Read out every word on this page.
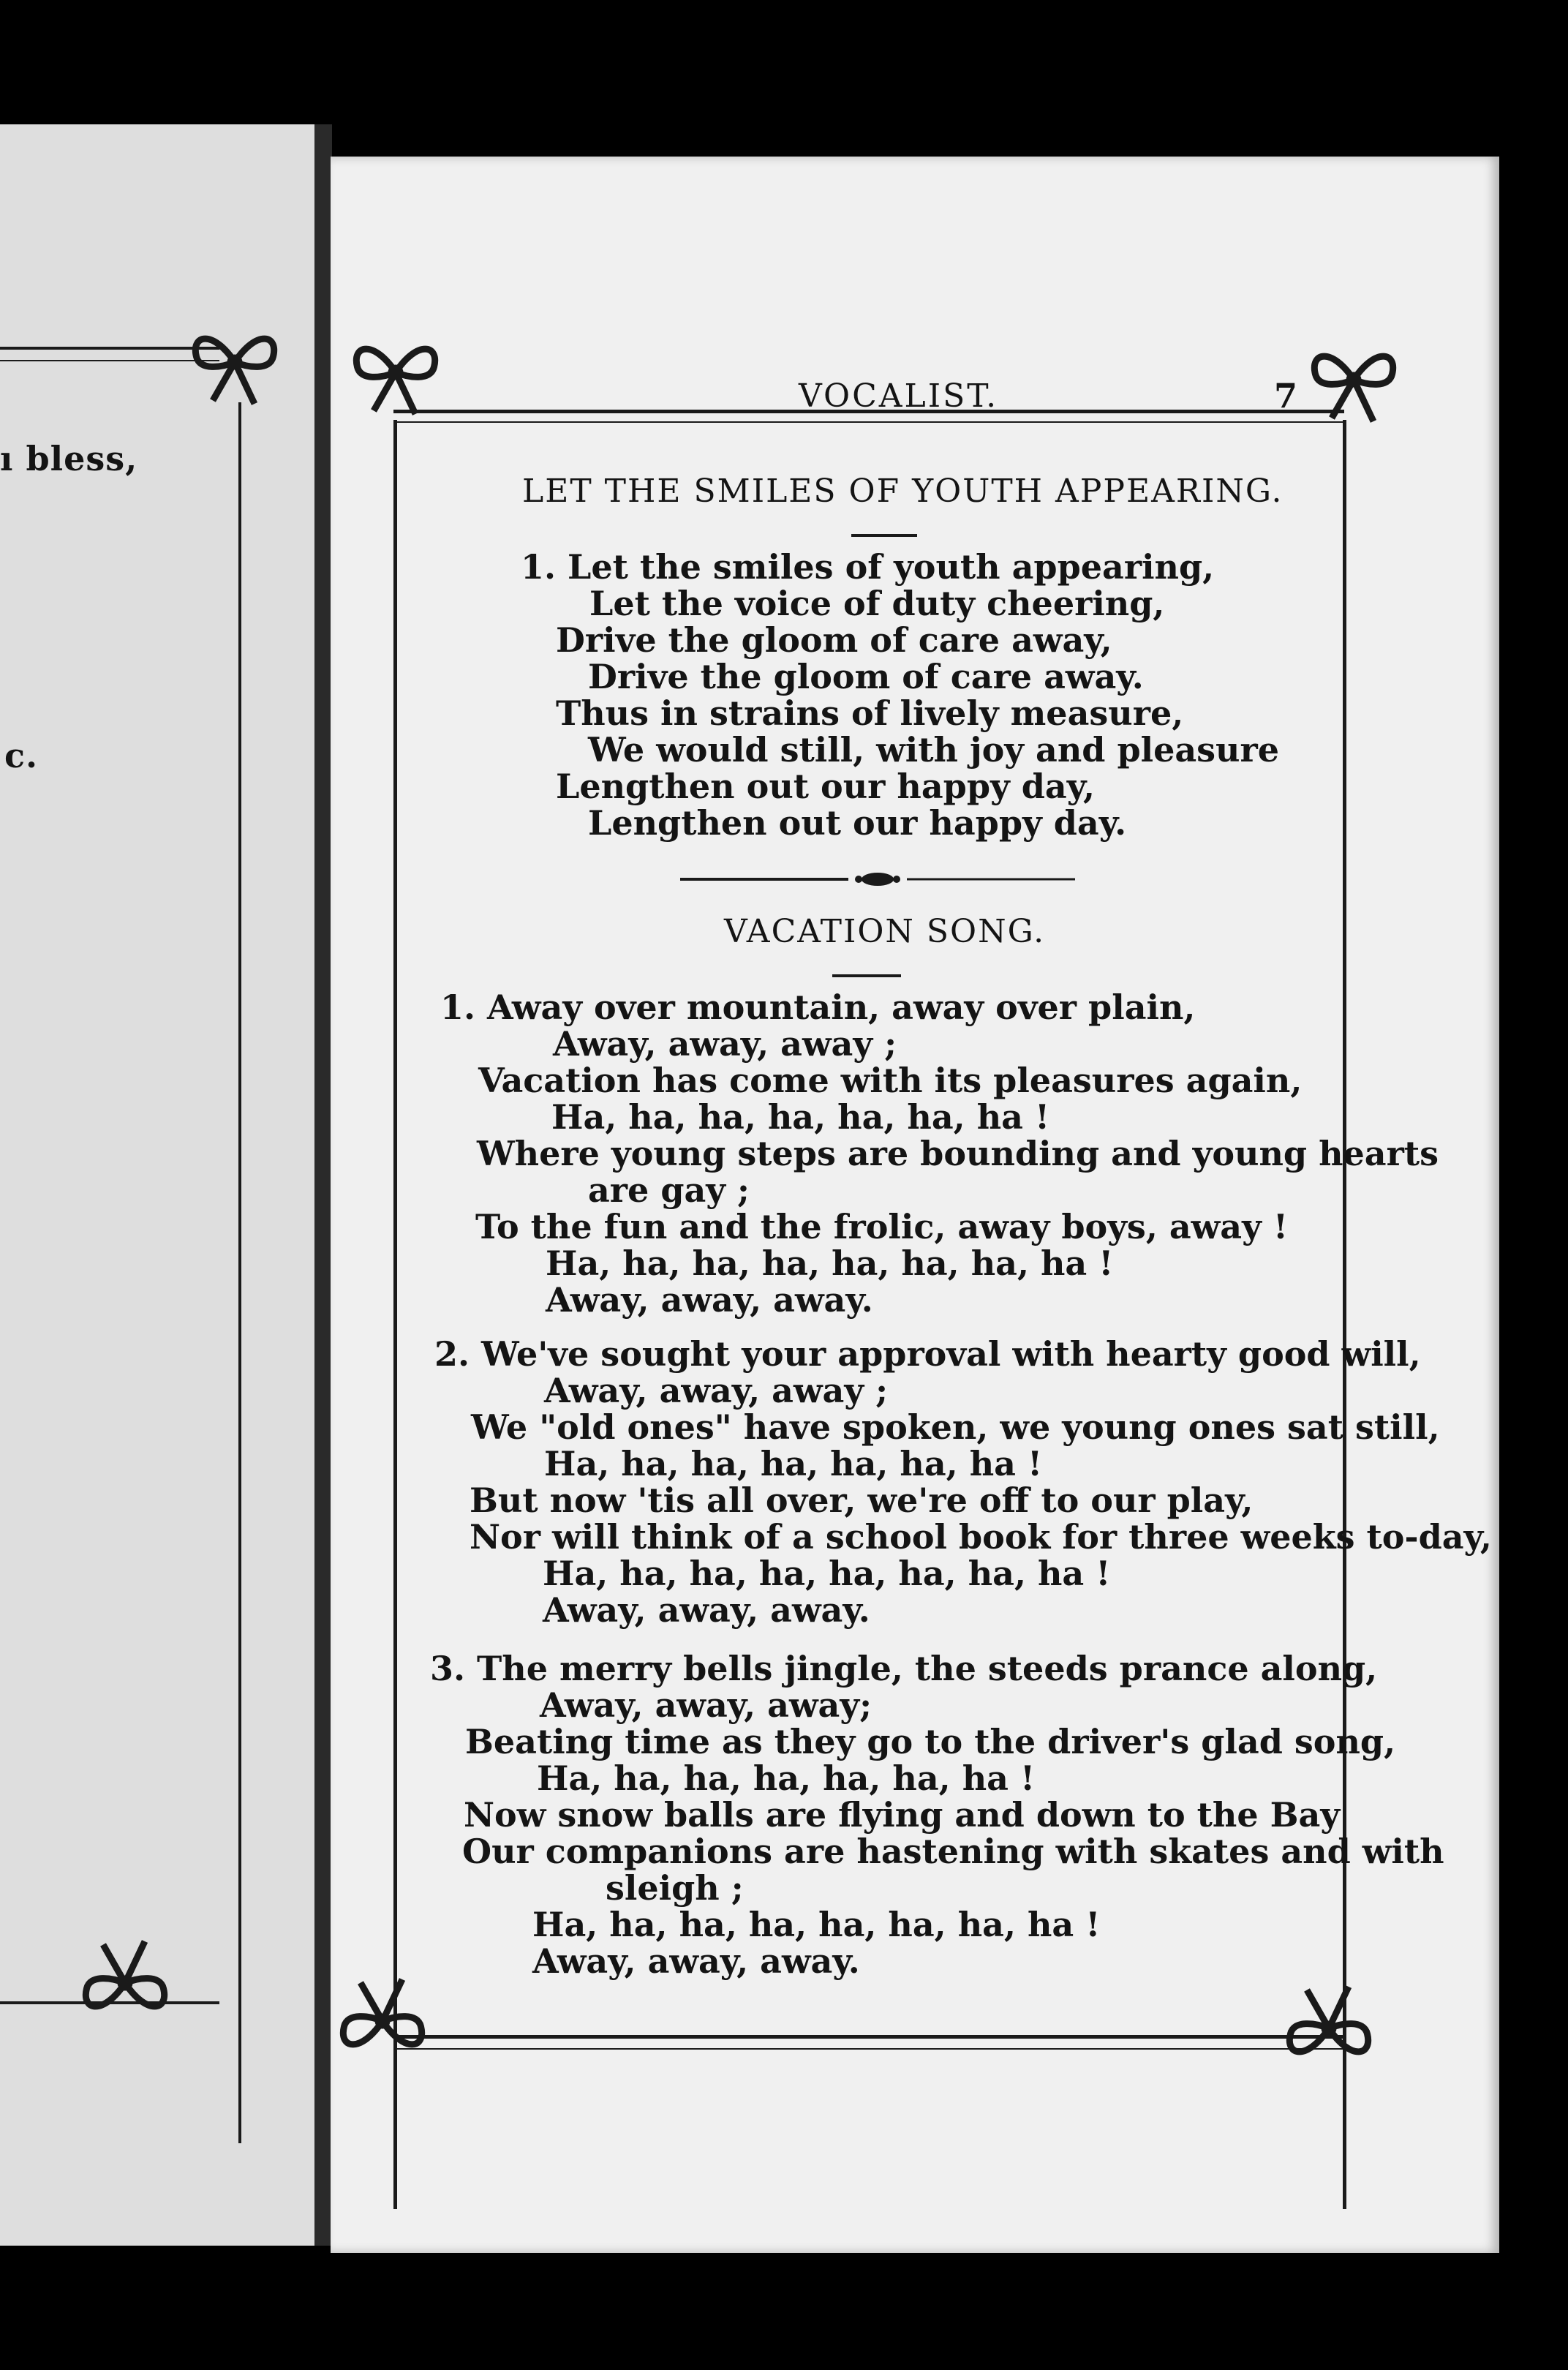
ı bless,
c.
VOCALIST.	7
LET THE SMILES OF YOUTH APPEARING.
1. Let the smiles of youth appearing,
Let the voice of duty cheering,
Drive the gloom of care away,
Drive the gloom of care away.
Thus in strains of lively measure,
We would still, with joy and pleasure
Lengthen out our happy day,
Lengthen out our happy day.
VACATION SONG.
1. Away over mountain, away over plain,
Away, away, away ;
Vacation has come with its pleasures again,
Ha, ha, ha, ha, ha, ha, ha !
Where young steps are bounding and young hearts
are gay ;
To the fun and the frolic, away boys, away !
Ha, ha, ha, ha, ha, ha, ha, ha !
Away, away, away.
2. We've sought your approval with hearty good will,
Away, away, away ;
We "old ones" have spoken, we young ones sat still,
Ha, ha, ha, ha, ha, ha, ha !
But now 'tis all over, we're off to our play,
Nor will think of a school book for three weeks to-day,
Ha, ha, ha, ha, ha, ha, ha, ha !
Away, away, away.
3. The merry bells jingle, the steeds prance along,
Away, away, away;
Beating time as they go to the driver's glad song,
Ha, ha, ha, ha, ha, ha, ha !
Now snow balls are flying and down to the Bay
Our companions are hastening with skates and with
sleigh ;
Ha, ha, ha, ha, ha, ha, ha, ha !
Away, away, away.
